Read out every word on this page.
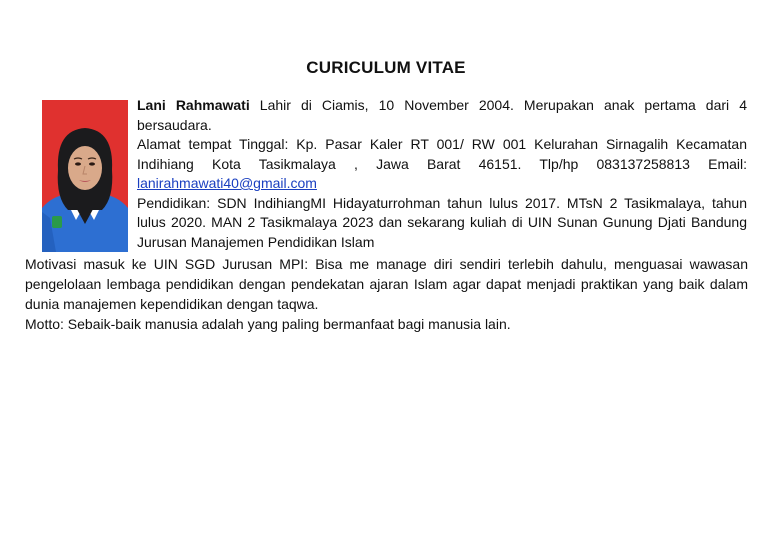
CURICULUM VITAE

Lani Rahmawati Lahir di Ciamis, 10 November 2004. Merupakan anak pertama dari 4 bersaudara.

Alamat tempat Tinggal: Kp. Pasar Kaler RT 001/ RW 001 Kelurahan Sirnagalih Kecamatan Indihiang Kota Tasikmalaya , Jawa Barat 46151. Tlp/hp 083137258813 Email: lanirahmawati40@gmail.com

Pendidikan: SDN IndihiangMI Hidayaturrohman tahun lulus 2017. MTsN 2 Tasikmalaya, tahun lulus 2020. MAN 2 Tasikmalaya 2023 dan sekarang kuliah di UIN Sunan Gunung Djati Bandung Jurusan Manajemen Pendidikan Islam

Motivasi masuk ke UIN SGD Jurusan MPI: Bisa me manage diri sendiri terlebih dahulu, menguasai wawasan pengelolaan lembaga pendidikan dengan pendekatan ajaran Islam agar dapat menjadi praktikan yang baik dalam dunia manajemen kependidikan dengan taqwa.

Motto: Sebaik-baik manusia adalah yang paling bermanfaat bagi manusia lain.
